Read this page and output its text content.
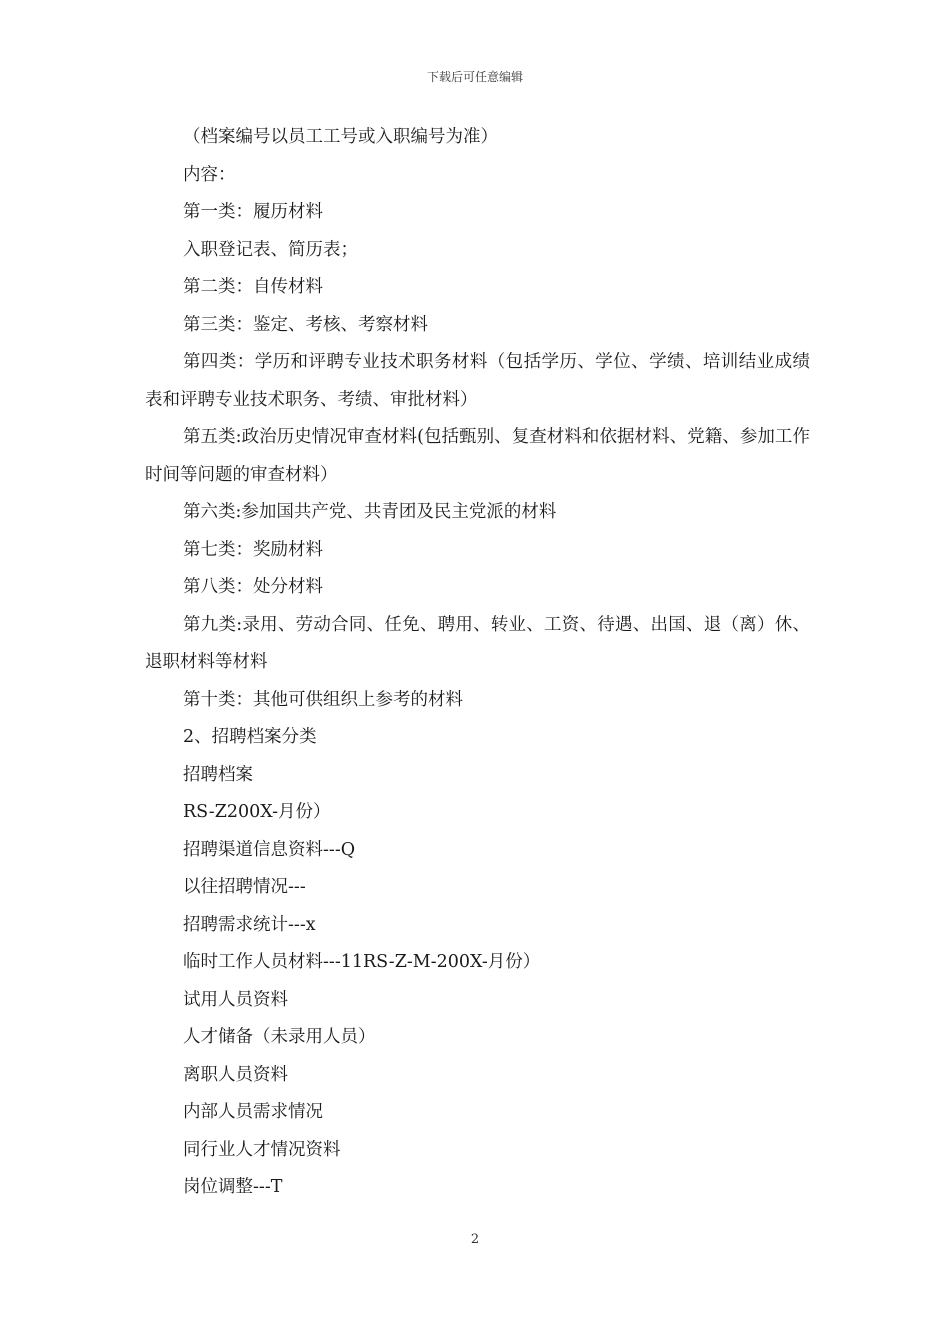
下载后可任意编辑

（档案编号以员工工号或入职编号为准）

内容：

第一类：履历材料

入职登记表、简历表；

第二类：自传材料

第三类：鉴定、考核、考察材料

第四类：学历和评聘专业技术职务材料（包括学历、学位、学绩、培训结业成绩表和评聘专业技术职务、考绩、审批材料）

第五类:政治历史情况审查材料(包括甄别、复查材料和依据材料、党籍、参加工作时间等问题的审查材料）

第六类:参加国共产党、共青团及民主党派的材料

第七类：奖励材料

第八类：处分材料

第九类:录用、劳动合同、任免、聘用、转业、工资、待遇、出国、退（离）休、退职材料等材料

第十类：其他可供组织上参考的材料

2、招聘档案分类

招聘档案

RS-Z200X-月份）

招聘渠道信息资料---Q

以往招聘情况---

招聘需求统计---x

临时工作人员材料---11RS-Z-M-200X-月份）

试用人员资料

人才储备（未录用人员）

离职人员资料

内部人员需求情况

同行业人才情况资料

岗位调整---T

2
